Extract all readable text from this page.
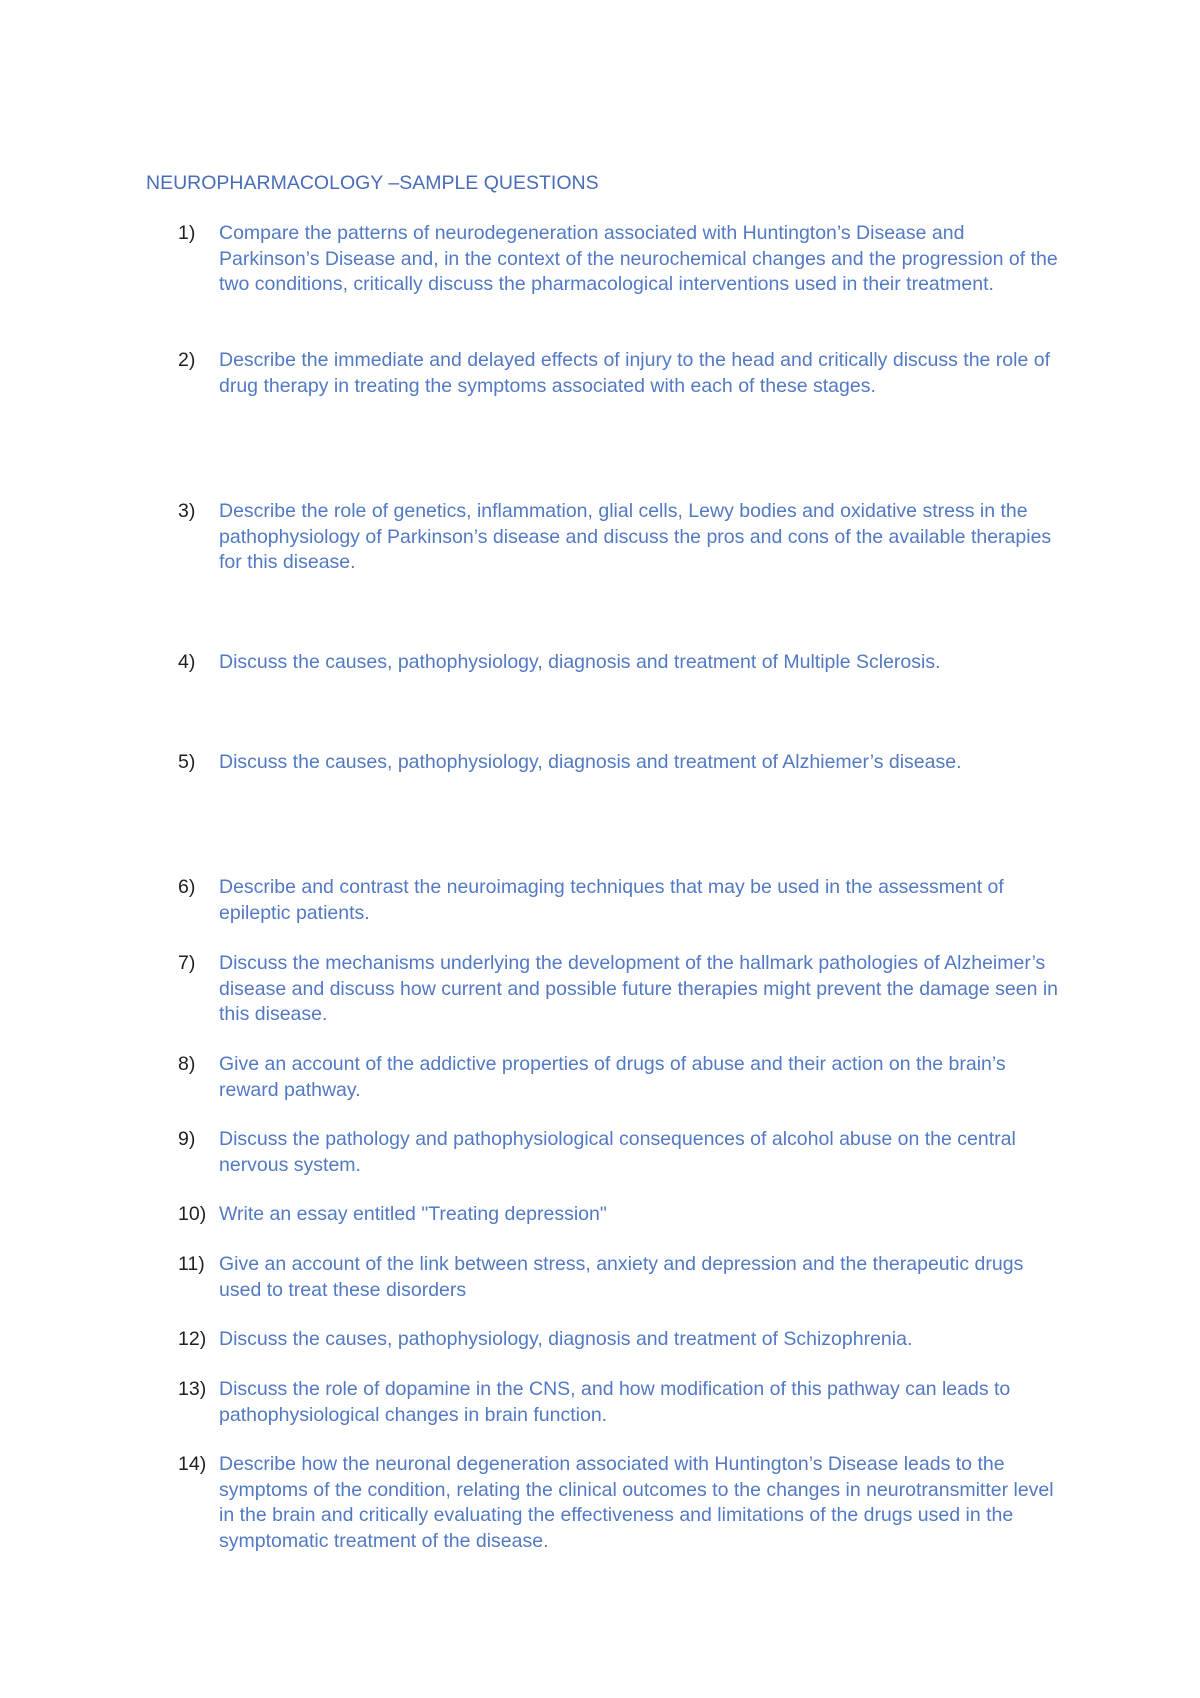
NEUROPHARMACOLOGY –SAMPLE QUESTIONS
1) Compare the patterns of neurodegeneration associated with Huntington’s Disease and Parkinson’s Disease and, in the context of the neurochemical changes and the progression of the two conditions, critically discuss the pharmacological interventions used in their treatment.

2) Describe the immediate and delayed effects of injury to the head and critically discuss the role of drug therapy in treating the symptoms associated with each of these stages.

3) Describe the role of genetics, inflammation, glial cells, Lewy bodies and oxidative stress in the pathophysiology of Parkinson’s disease and discuss the pros and cons of the available therapies for this disease.

4) Discuss the causes, pathophysiology, diagnosis and treatment of Multiple Sclerosis.

5) Discuss the causes, pathophysiology, diagnosis and treatment of Alzhiemer’s disease.

6) Describe and contrast the neuroimaging techniques that may be used in the assessment of epileptic patients.

7) Discuss the mechanisms underlying the development of the hallmark pathologies of Alzheimer’s disease and discuss how current and possible future therapies might prevent the damage seen in this disease.

8) Give an account of the addictive properties of drugs of abuse and their action on the brain’s reward pathway.

9) Discuss the pathology and pathophysiological consequences of alcohol abuse on the central nervous system.

10) Write an essay entitled "Treating depression"

11) Give an account of the link between stress, anxiety and depression and the therapeutic drugs used to treat these disorders

12) Discuss the causes, pathophysiology, diagnosis and treatment of Schizophrenia.

13) Discuss the role of dopamine in the CNS, and how modification of this pathway can leads to pathophysiological changes in brain function.

14) Describe how the neuronal degeneration associated with Huntington’s Disease leads to the symptoms of the condition, relating the clinical outcomes to the changes in neurotransmitter level in the brain and critically evaluating the effectiveness and limitations of the drugs used in the symptomatic treatment of the disease.
